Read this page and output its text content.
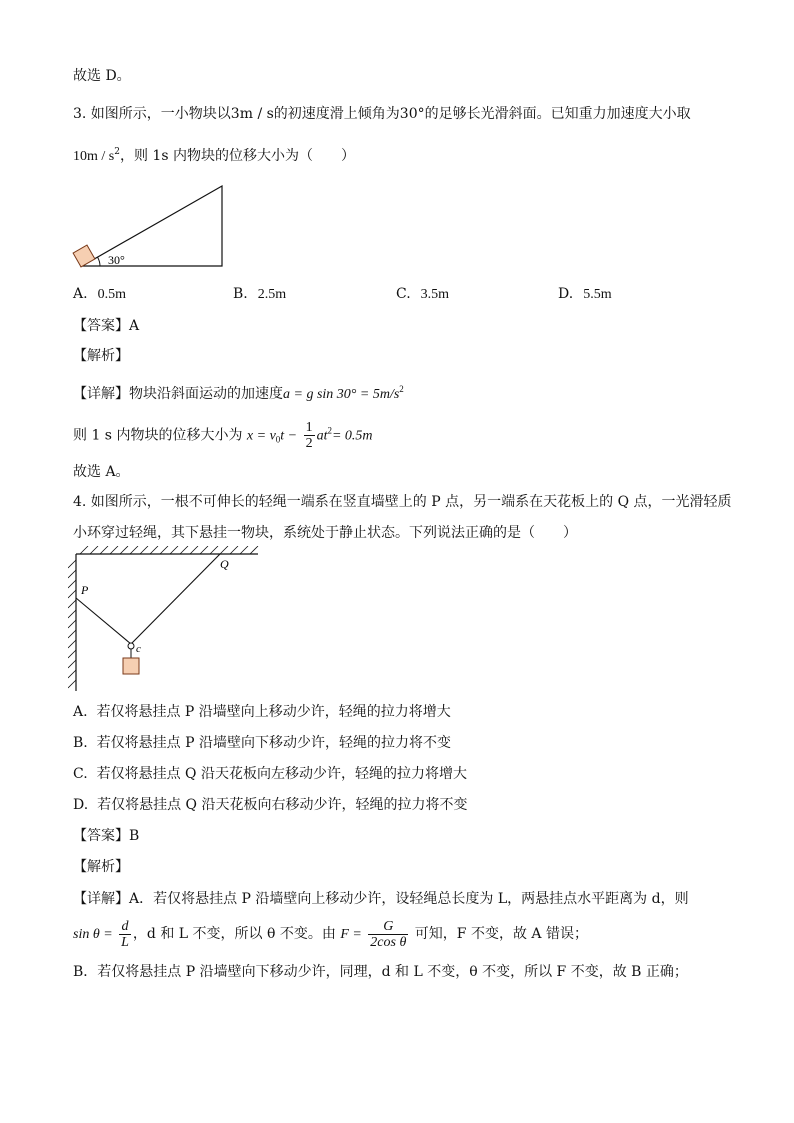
故选 D。
3. 如图所示，一小物块以3m / s的初速度滑上倾角为30°的足够长光滑斜面。已知重力加速度大小取
$10m / s^2$，则 1s 内物块的位移大小为（　　）
30°
A. 0.5m	B. 2.5m	C. 3.5m	D. 5.5m
【答案】A
【解析】
【详解】物块沿斜面运动的加速度a = g $\sin 30^\circ = 5m/s^2$
则 1 s 内物块的位移大小为 $x = v_0t - \frac{1}{2} at^2= 0.5m$
故选 A。
4. 如图所示，一根不可伸长的轻绳一端系在竖直墙壁上的 P 点，另一端系在天花板上的 Q 点，一光滑轻质
小环穿过轻绳，其下悬挂一物块，系统处于静止状态。下列说法正确的是（　　）
P
Q
c
A. 若仅将悬挂点 P 沿墙壁向上移动少许，轻绳的拉力将增大
B. 若仅将悬挂点 P 沿墙壁向下移动少许，轻绳的拉力将不变
C. 若仅将悬挂点 Q 沿天花板向左移动少许，轻绳的拉力将增大
D. 若仅将悬挂点 Q 沿天花板向右移动少许，轻绳的拉力将不变
【答案】B
【解析】
【详解】A．若仅将悬挂点 P 沿墙壁向上移动少许，设轻绳总长度为 L，两悬挂点水平距离为 d，则
$\sin \theta = \frac{d}{L}$ ，d 和 L 不变，所以 θ 不变。由 $F = \frac{G}{\text{2cos θ}}$ 可知，F 不变，故 A 错误；
B．若仅将悬挂点 P 沿墙壁向下移动少许，同理，d 和 L 不变，θ 不变，所以 F 不变，故 B 正确；
